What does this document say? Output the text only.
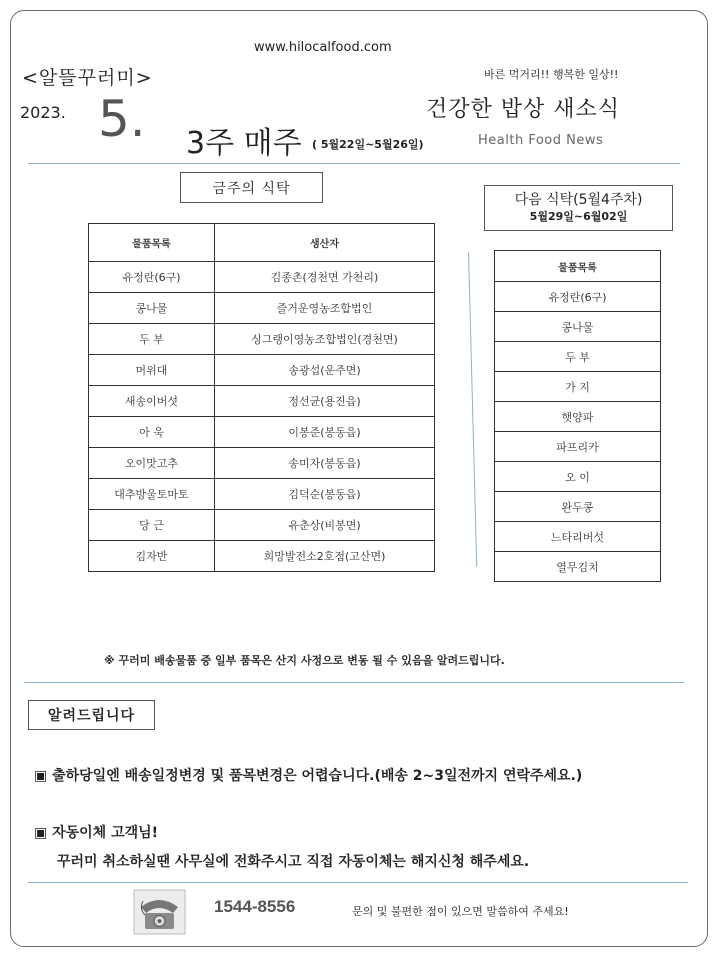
www.hilocalfood.com
<알뜰꾸러미>	바른 먹거리!! 행복한 일상!!
2023. 5. 3주 매주 ( 5월22일~5월26일)
건강한 밥상 새소식
Health Food News
금주의 식탁
물품목록	생산자
유정란(6구)	김종촌(경천면 가천리)
콩나물	즐거운영농조합법인
두 부	싱그랭이영농조합법인(경천면)
머위대	송광섭(운주면)
새송이버섯	정선균(용진읍)
아 욱	이봉준(봉동읍)
오이맛고추	송미자(봉동읍)
대추방울토마토	김덕순(봉동읍)
당 근	유춘상(비봉면)
김자반	희망발전소2호점(고산면)
다음 식탁(5월4주차)
5월29일~6월02일
물품목록
유정란(6구)
콩나물
두 부
가 지
햇양파
파프리카
오 이
완두콩
느타리버섯
열무김치
※ 꾸러미 배송물품 중 일부 품목은 산지 사정으로 변동 될 수 있음을 알려드립니다.
알려드립니다
▣ 출하당일엔 배송일정변경 및 품목변경은 어렵습니다.(배송 2~3일전까지 연락주세요.)
▣ 자동이체 고객님!
꾸러미 취소하실땐 사무실에 전화주시고 직접 자동이체는 해지신청 해주세요.
1544-8556	문의 및 불편한 점이 있으면 말씀하여 주세요!
